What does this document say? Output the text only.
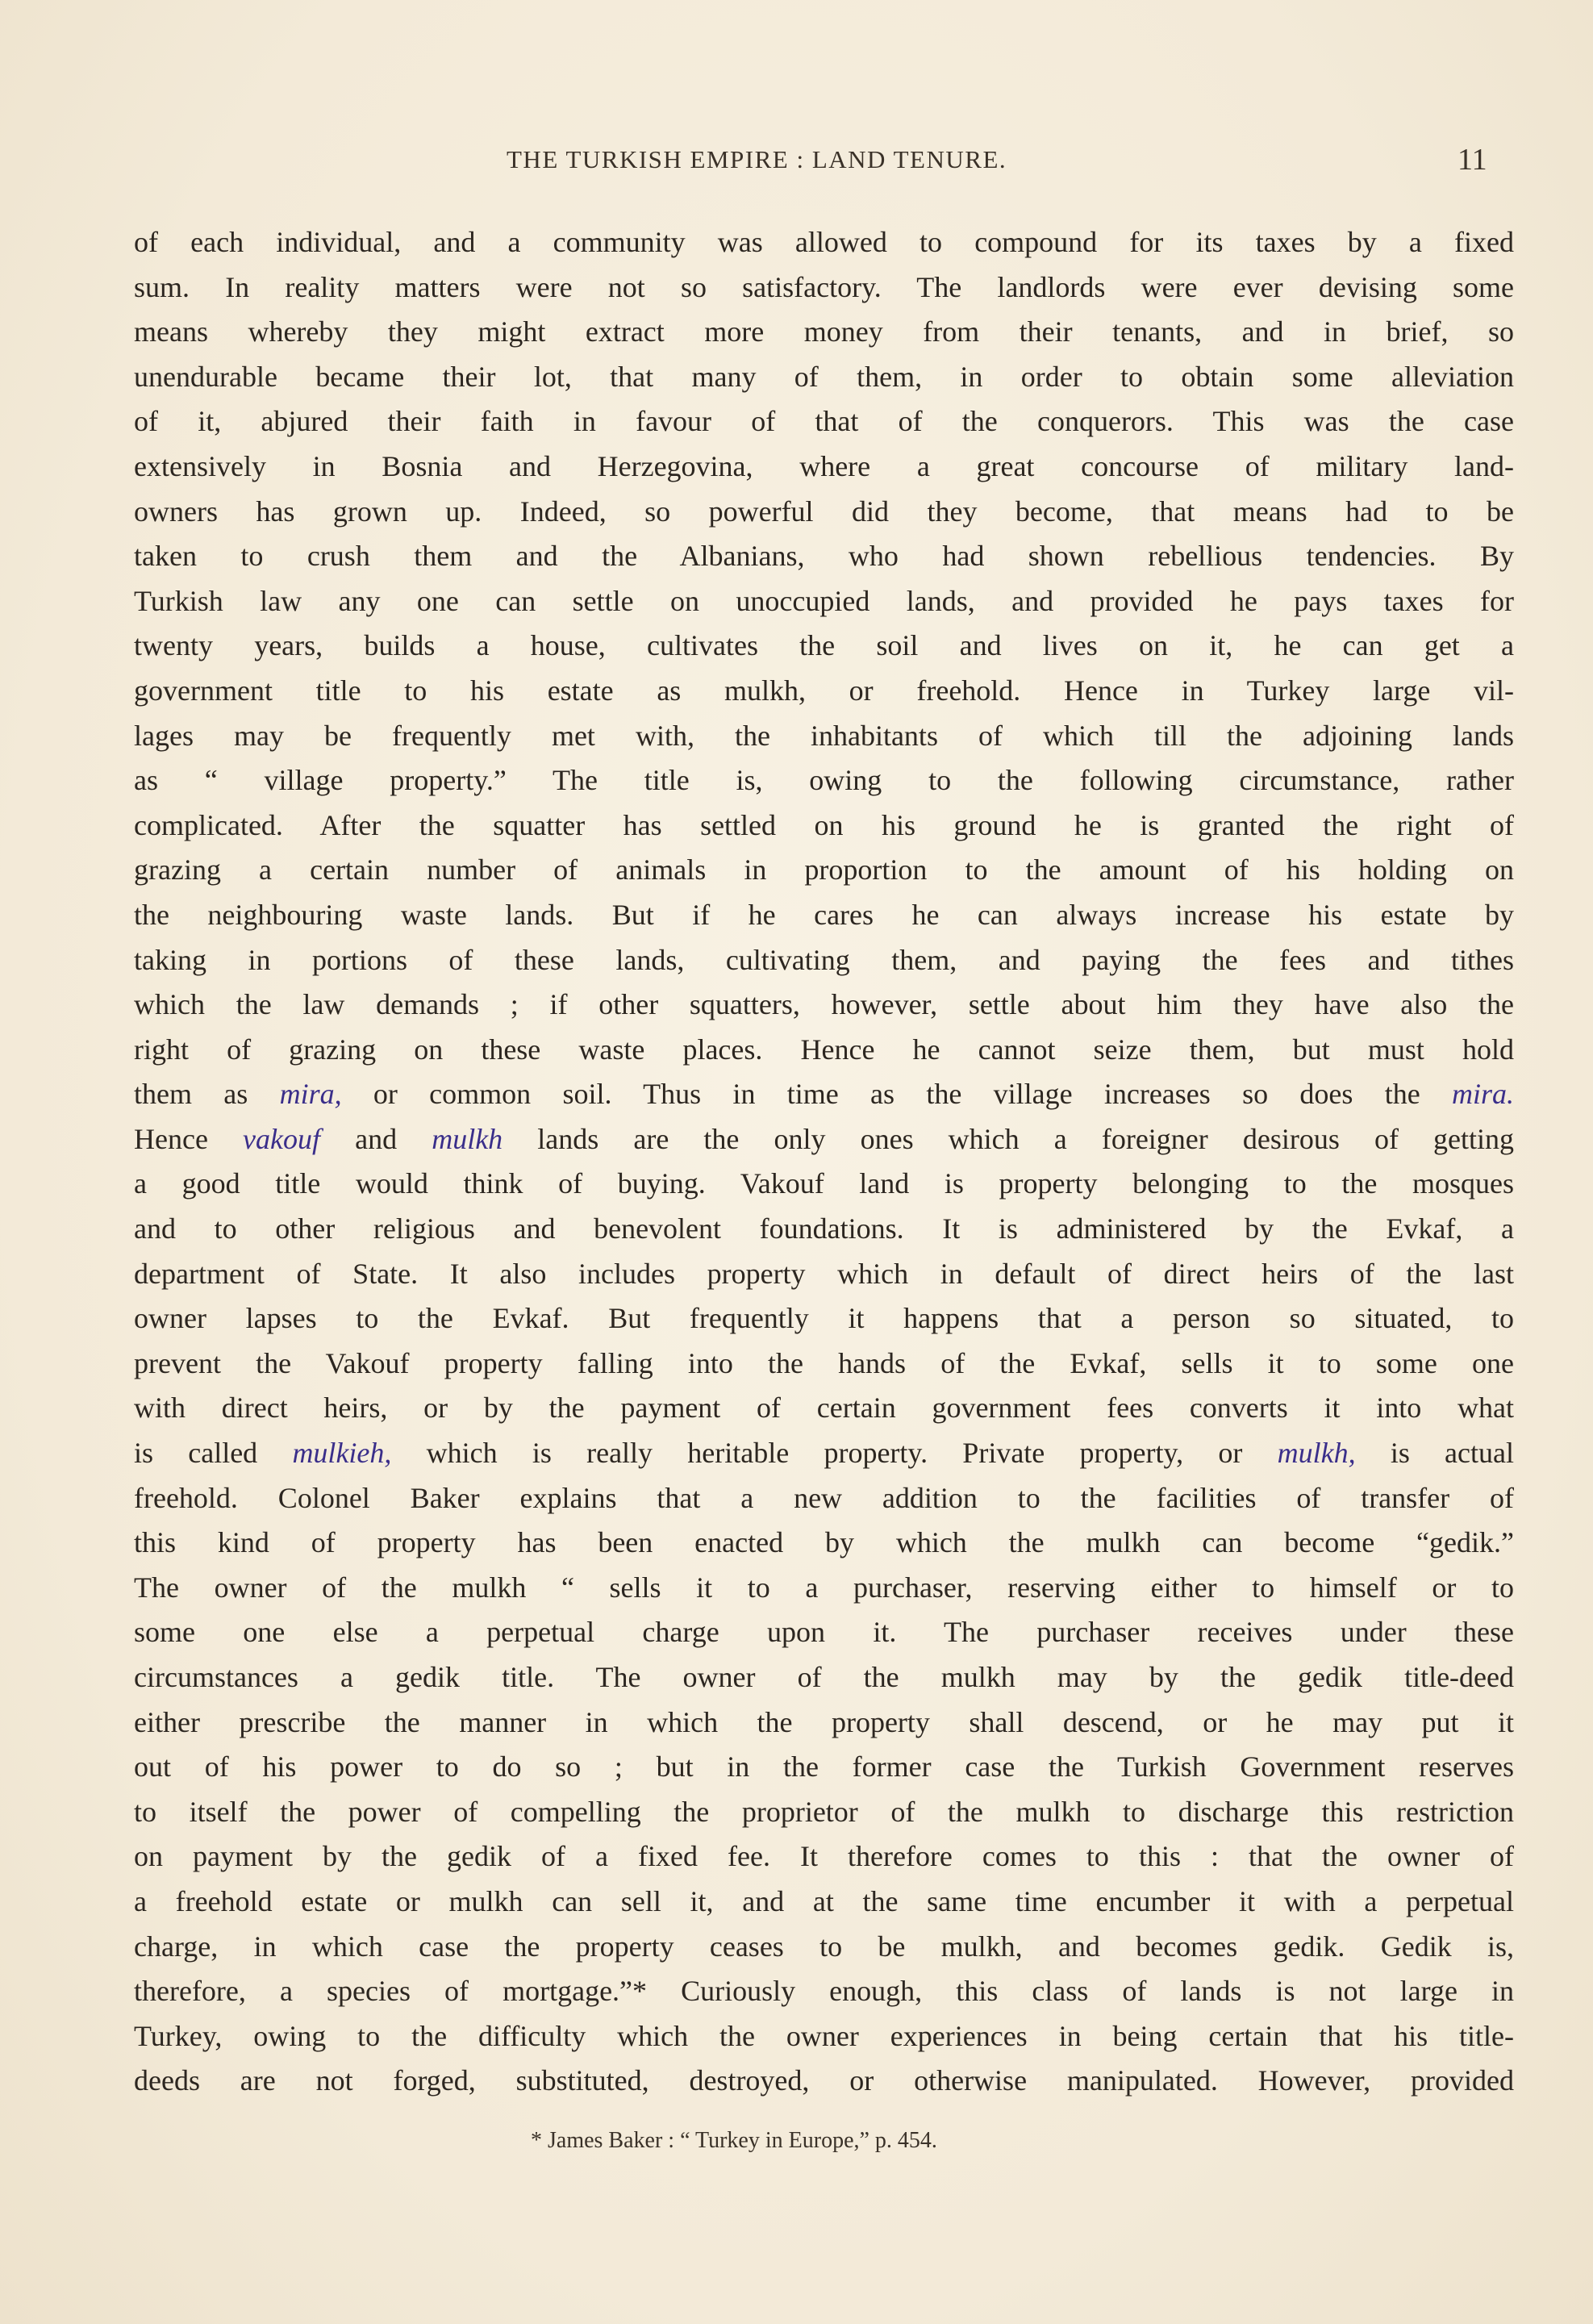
THE TURKISH EMPIRE : LAND TENURE.	11
of each individual, and a community was allowed to compound for its taxes by a fixed
sum. In reality matters were not so satisfactory. The landlords were ever devising some
means whereby they might extract more money from their tenants, and in brief, so
unendurable became their lot, that many of them, in order to obtain some alleviation
of it, abjured their faith in favour of that of the conquerors. This was the case
extensively in Bosnia and Herzegovina, where a great concourse of military land-
owners has grown up. Indeed, so powerful did they become, that means had to be
taken to crush them and the Albanians, who had shown rebellious tendencies. By
Turkish law any one can settle on unoccupied lands, and provided he pays taxes for
twenty years, builds a house, cultivates the soil and lives on it, he can get a
government title to his estate as mulkh, or freehold. Hence in Turkey large vil-
lages may be frequently met with, the inhabitants of which till the adjoining lands
as “ village property.” The title is, owing to the following circumstance, rather
complicated. After the squatter has settled on his ground he is granted the right of
grazing a certain number of animals in proportion to the amount of his holding on
the neighbouring waste lands. But if he cares he can always increase his estate by
taking in portions of these lands, cultivating them, and paying the fees and tithes
which the law demands ; if other squatters, however, settle about him they have also the
right of grazing on these waste places. Hence he cannot seize them, but must hold
them as mira, or common soil. Thus in time as the village increases so does the mira.
Hence vakouf and mulkh lands are the only ones which a foreigner desirous of getting
a good title would think of buying. Vakouf land is property belonging to the mosques
and to other religious and benevolent foundations. It is administered by the Evkaf, a
department of State. It also includes property which in default of direct heirs of the last
owner lapses to the Evkaf. But frequently it happens that a person so situated, to
prevent the Vakouf property falling into the hands of the Evkaf, sells it to some one
with direct heirs, or by the payment of certain government fees converts it into what
is called mulkieh, which is really heritable property. Private property, or mulkh, is actual
freehold. Colonel Baker explains that a new addition to the facilities of transfer of
this kind of property has been enacted by which the mulkh can become “gedik.”
The owner of the mulkh “ sells it to a purchaser, reserving either to himself or to
some one else a perpetual charge upon it. The purchaser receives under these
circumstances a gedik title. The owner of the mulkh may by the gedik title-deed
either prescribe the manner in which the property shall descend, or he may put it
out of his power to do so ; but in the former case the Turkish Government reserves
to itself the power of compelling the proprietor of the mulkh to discharge this restriction
on payment by the gedik of a fixed fee. It therefore comes to this : that the owner of
a freehold estate or mulkh can sell it, and at the same time encumber it with a perpetual
charge, in which case the property ceases to be mulkh, and becomes gedik. Gedik is,
therefore, a species of mortgage.”* Curiously enough, this class of lands is not large in
Turkey, owing to the difficulty which the owner experiences in being certain that his title-
deeds are not forged, substituted, destroyed, or otherwise manipulated. However, provided
* James Baker : “ Turkey in Europe,” p. 454.
